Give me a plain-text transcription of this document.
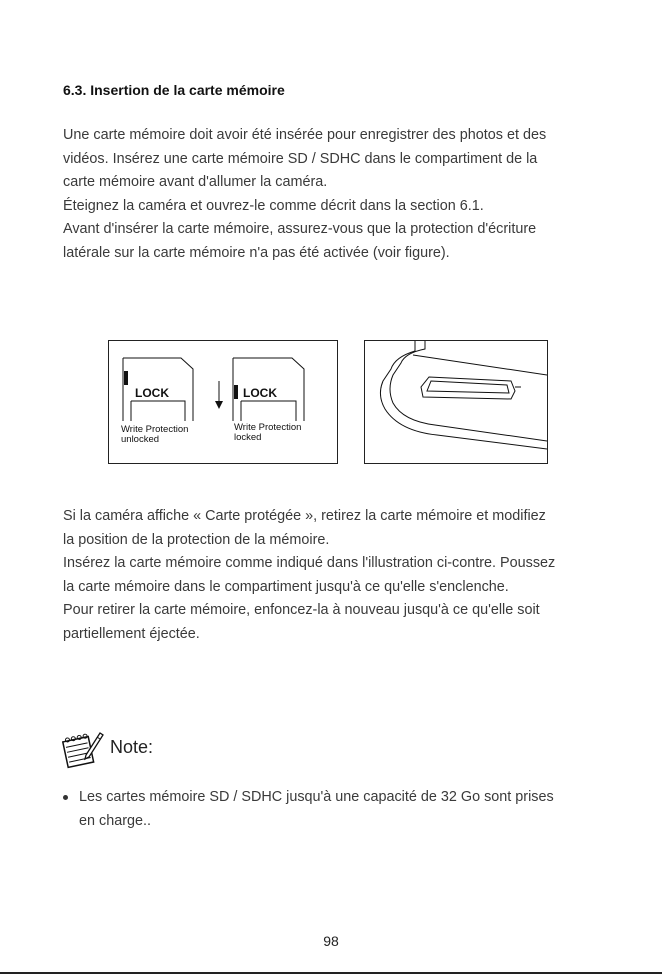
6.3. Insertion de la carte mémoire

Une carte mémoire doit avoir été insérée pour enregistrer des photos et des

vidéos. Insérez une carte mémoire SD / SDHC dans le compartiment de la

carte mémoire avant d'allumer la caméra.

Éteignez la caméra et ouvrez-le comme décrit dans la section 6.1.

Avant d'insérer la carte mémoire, assurez-vous que la protection d'écriture

latérale sur la carte mémoire n'a pas été activée (voir figure).

LOCK	LOCK
Write Protection
unlocked
Write Protection
locked

Si la caméra affiche « Carte protégée », retirez la carte mémoire et modifiez

la position de la protection de la mémoire.

Insérez la carte mémoire comme indiqué dans l'illustration ci-contre. Poussez

la carte mémoire dans le compartiment jusqu'à ce qu'elle s'enclenche.

Pour retirer la carte mémoire, enfoncez-la à nouveau jusqu'à ce qu'elle soit

partiellement éjectée.

Note:
Les cartes mémoire SD / SDHC jusqu'à une capacité de 32 Go sont prises
en charge..
98
